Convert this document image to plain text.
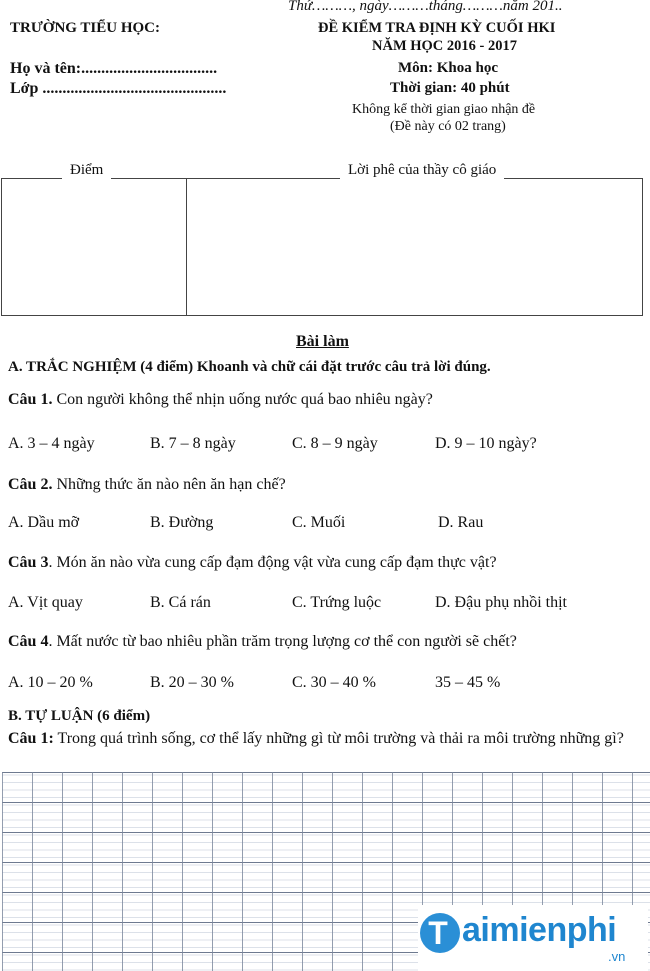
Thứ………, ngày………tháng………năm 201..
TRƯỜNG TIỂU HỌC:	ĐỀ KIỂM TRA ĐỊNH KỲ CUỐI HKI
NĂM HỌC 2016 - 2017
Họ và tên:..................................
Lớp ..............................................
Môn: Khoa học
Thời gian: 40 phút
Không kể thời gian giao nhận đề
(Đề này có 02 trang)
Điểm	Lời phê của thầy cô giáo
Bài làm
A. TRẮC NGHIỆM (4 điểm) Khoanh và chữ cái đặt trước câu trả lời đúng.
Câu 1. Con người không thể nhịn uống nước quá bao nhiêu ngày?
A. 3 – 4 ngày	B. 7 – 8 ngày	C. 8 – 9 ngày	D. 9 – 10 ngày?
Câu 2. Những thức ăn nào nên ăn hạn chế?
A. Dầu mỡ	B. Đường	C. Muối	D. Rau
Câu 3. Món ăn nào vừa cung cấp đạm động vật vừa cung cấp đạm thực vật?
A. Vịt quay	B. Cá rán	C. Trứng luộc	D. Đậu phụ nhồi thịt
Câu 4. Mất nước từ bao nhiêu phần trăm trọng lượng cơ thể con người sẽ chết?
A. 10 – 20 %	B. 20 – 30 %	C. 30 – 40 %	35 – 45 %
B. TỰ LUẬN (6 điểm)
Câu 1: Trong quá trình sống, cơ thể lấy những gì từ môi trường và thải ra môi trường những gì?
T aimienphi
.vn
